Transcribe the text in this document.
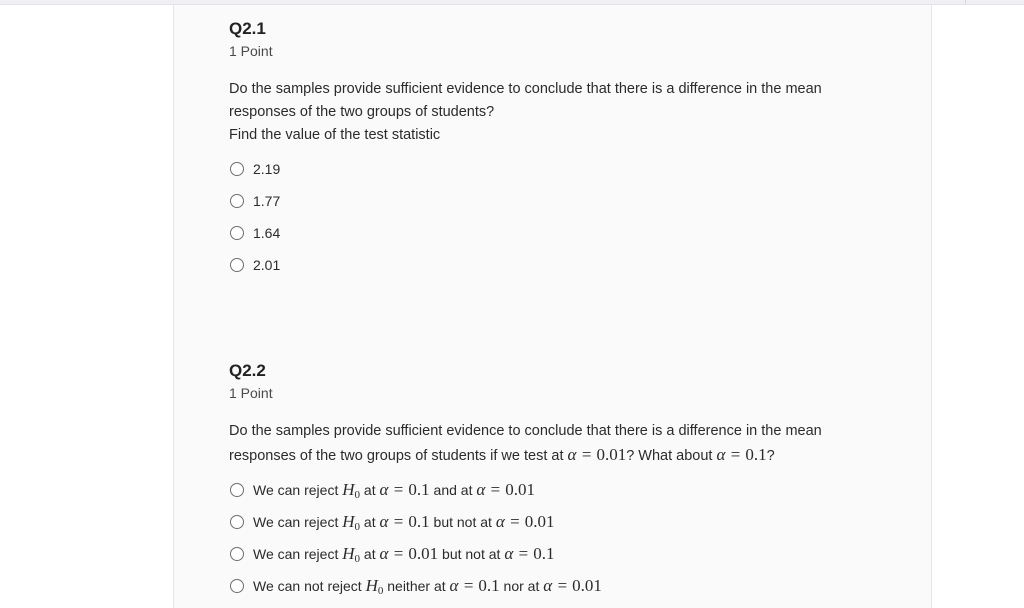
Q2.1
1 Point
Do the samples provide sufficient evidence to conclude that there is a difference in the mean
responses of the two groups of students?
Find the value of the test statistic
2.19
1.77
1.64
2.01
Q2.2
1 Point
Do the samples provide sufficient evidence to conclude that there is a difference in the mean
responses of the two groups of students if we test at α = 0.01? What about α = 0.1?
We can reject $H_0$ at α = 0.1 and at α = 0.01
We can reject $H_0$ at α = 0.1 but not at α = 0.01
We can reject $H_0$ at α = 0.01 but not at α = 0.1
We can not reject $H_0$ neither at α = 0.1 nor at α = 0.01
